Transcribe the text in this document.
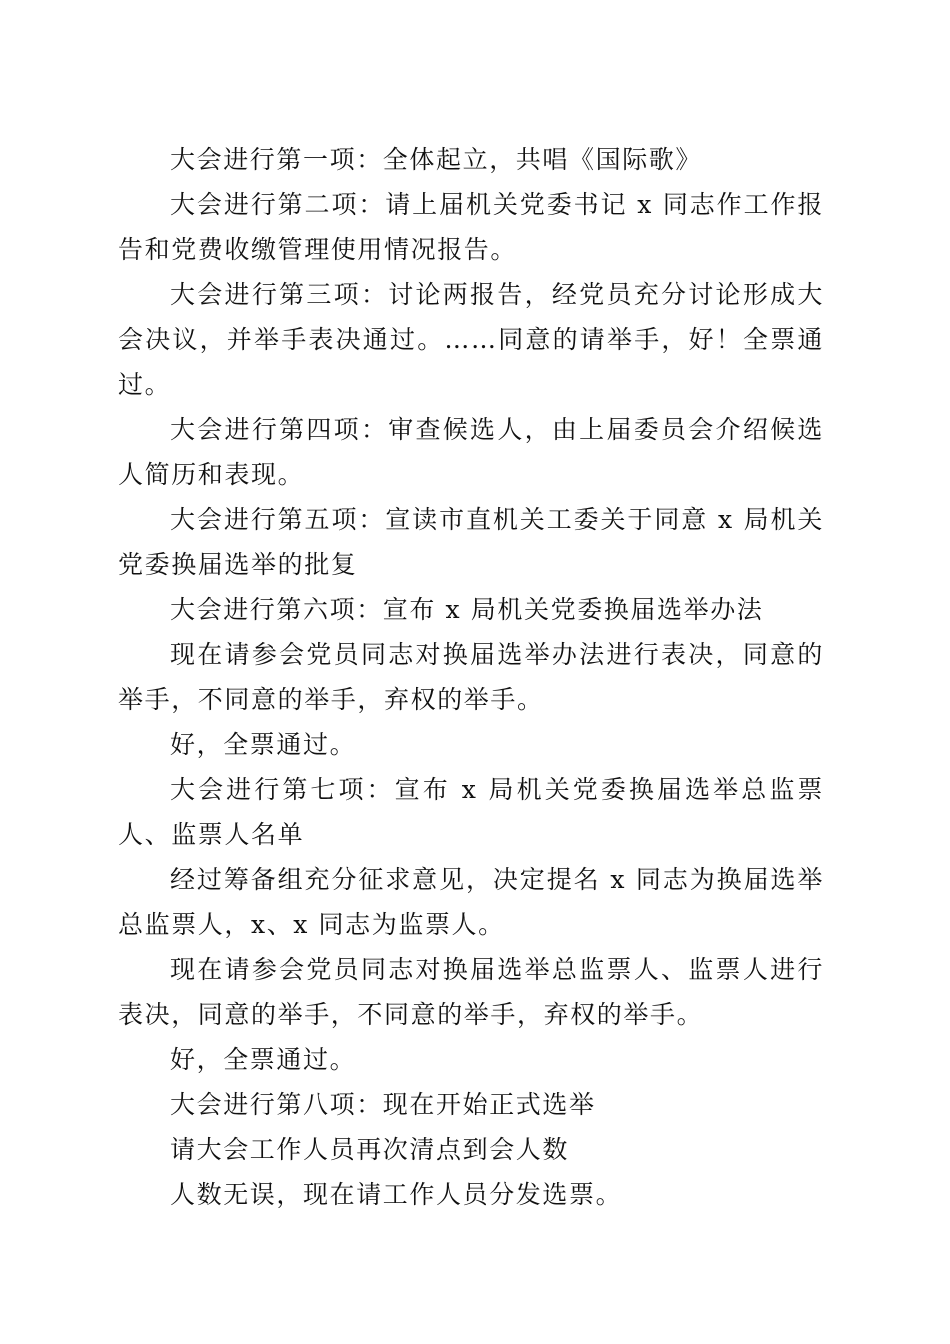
大会进行第一项：全体起立，共唱《国际歌》

大会进行第二项：请上届机关党委书记 x 同志作工作报告和党费收缴管理使用情况报告。

大会进行第三项：讨论两报告，经党员充分讨论形成大会决议，并举手表决通过。……同意的请举手，好！全票通过。

大会进行第四项：审查候选人，由上届委员会介绍候选人简历和表现。

大会进行第五项：宣读市直机关工委关于同意 x 局机关党委换届选举的批复

大会进行第六项：宣布 x 局机关党委换届选举办法

现在请参会党员同志对换届选举办法进行表决，同意的举手，不同意的举手，弃权的举手。

好，全票通过。

大会进行第七项：宣布 x 局机关党委换届选举总监票人、监票人名单

经过筹备组充分征求意见，决定提名 x 同志为换届选举总监票人，x、x 同志为监票人。

现在请参会党员同志对换届选举总监票人、监票人进行表决，同意的举手，不同意的举手，弃权的举手。

好，全票通过。

大会进行第八项：现在开始正式选举

请大会工作人员再次清点到会人数

人数无误，现在请工作人员分发选票。
